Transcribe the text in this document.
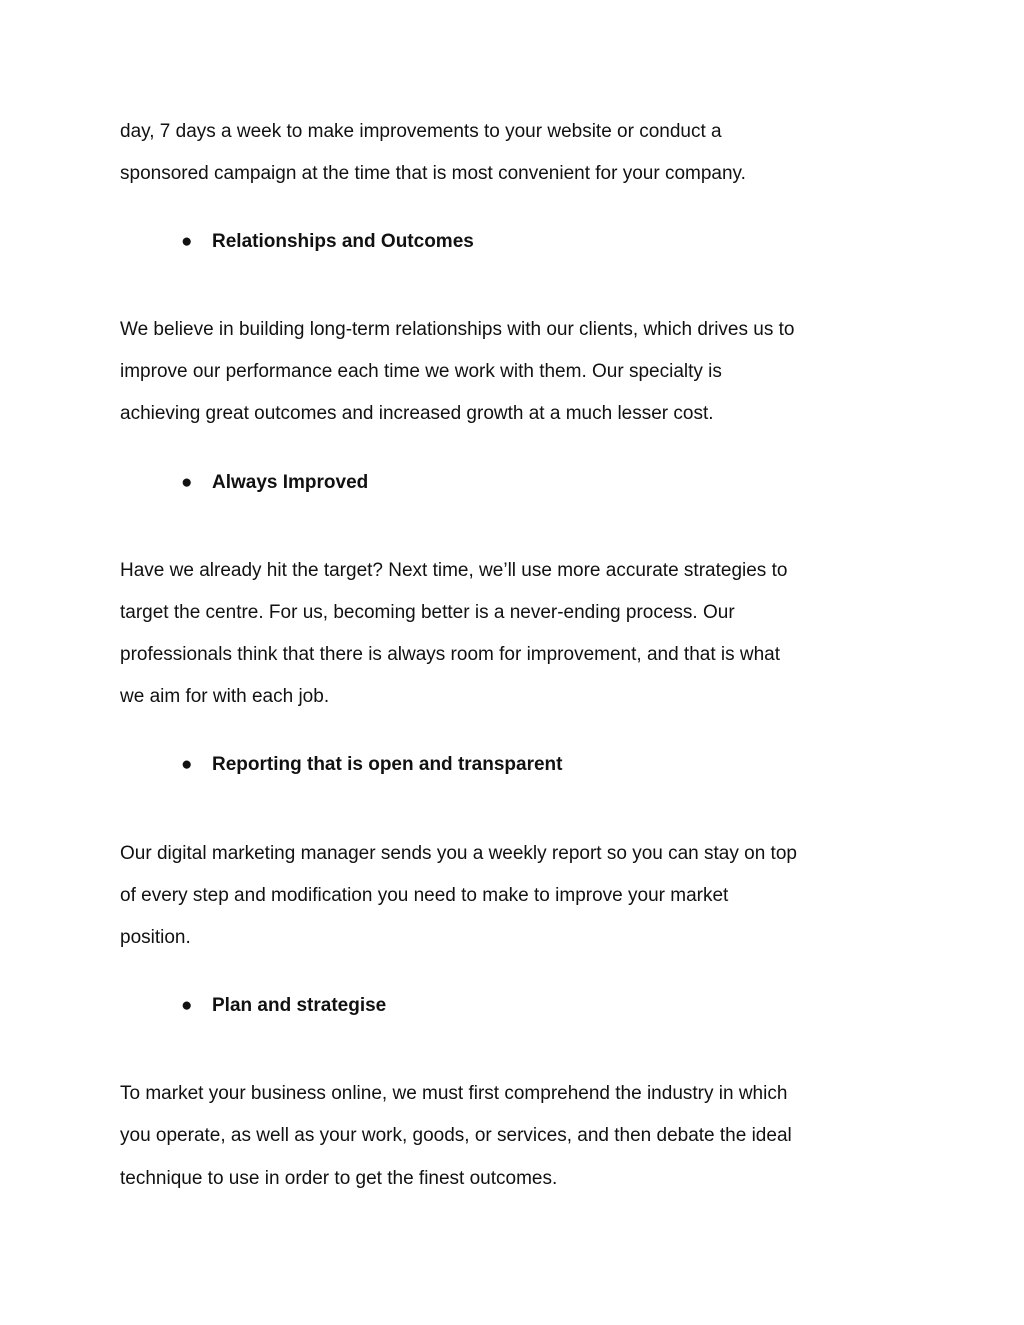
day, 7 days a week to make improvements to your website or conduct a
sponsored campaign at the time that is most convenient for your company.
● Relationships and Outcomes
We believe in building long-term relationships with our clients, which drives us to
improve our performance each time we work with them. Our specialty is
achieving great outcomes and increased growth at a much lesser cost.
● Always Improved
Have we already hit the target? Next time, we’ll use more accurate strategies to
target the centre. For us, becoming better is a never-ending process. Our
professionals think that there is always room for improvement, and that is what
we aim for with each job.
● Reporting that is open and transparent
Our digital marketing manager sends you a weekly report so you can stay on top
of every step and modification you need to make to improve your market
position.
● Plan and strategise
To market your business online, we must first comprehend the industry in which
you operate, as well as your work, goods, or services, and then debate the ideal
technique to use in order to get the finest outcomes.
